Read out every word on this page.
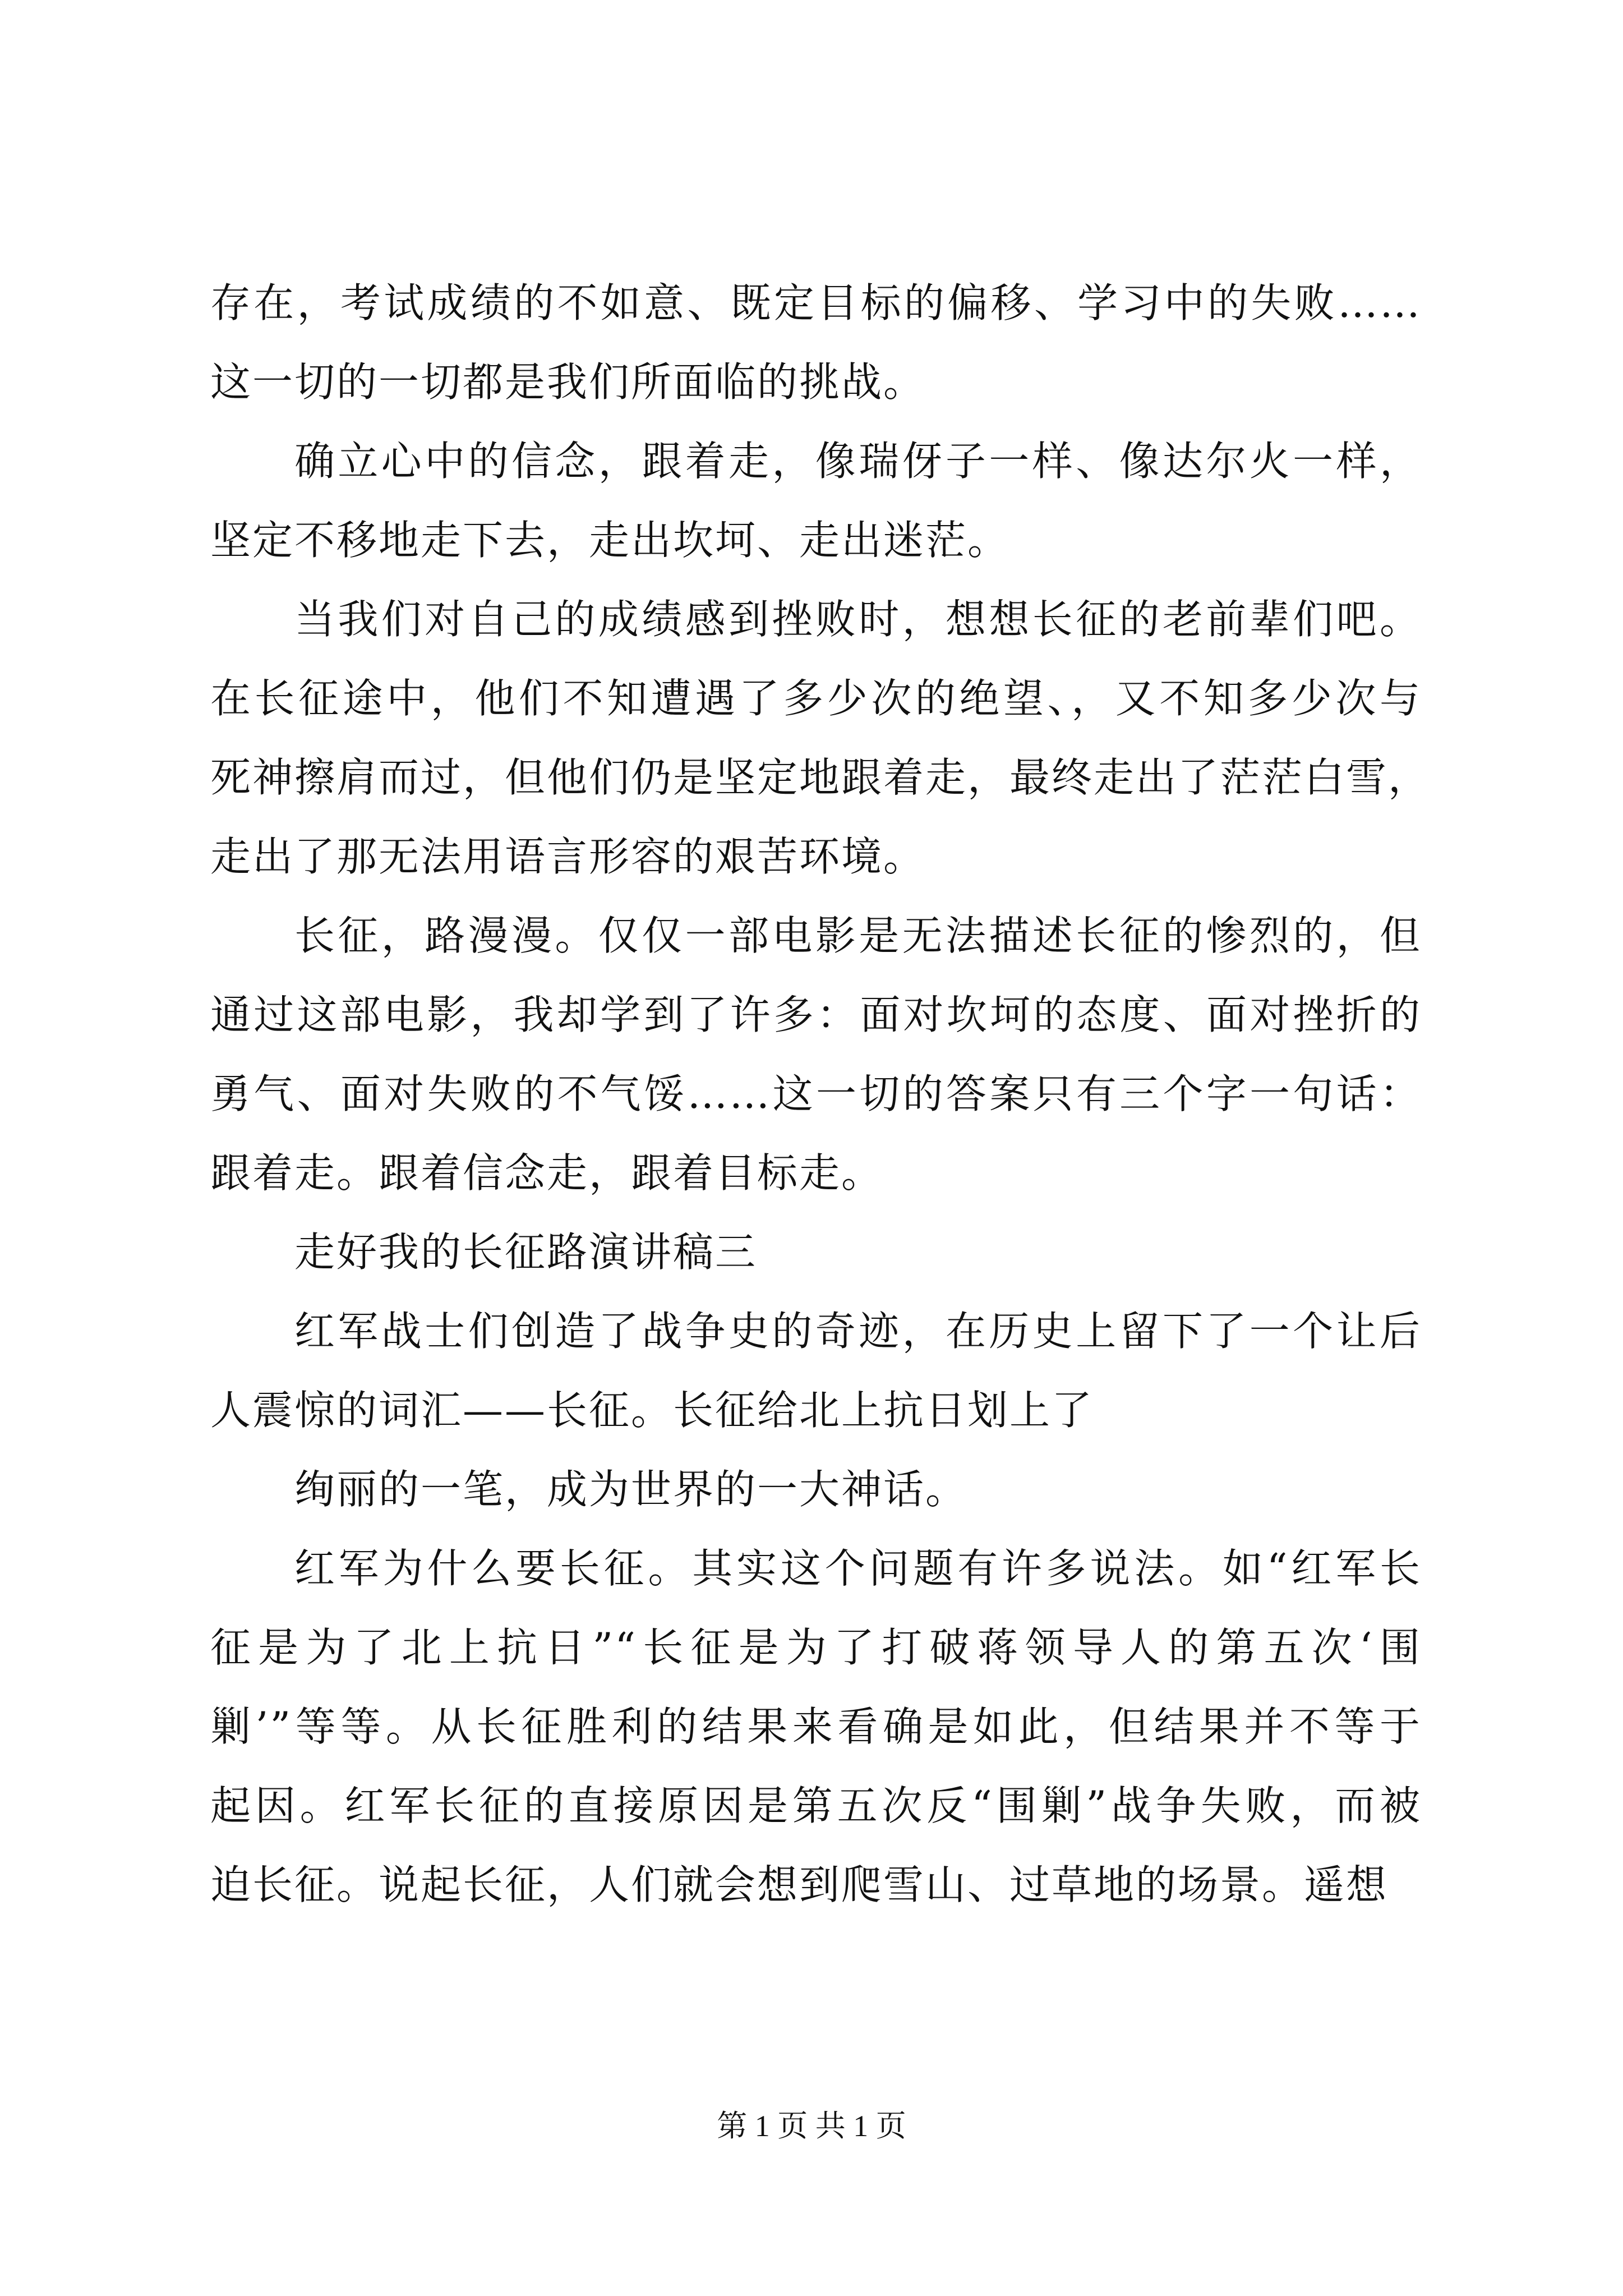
存在，考试成绩的不如意、既定目标的偏移、学习中的失败……
这一切的一切都是我们所面临的挑战。
确立心中的信念，跟着走，像瑞伢子一样、像达尔火一样，
坚定不移地走下去，走出坎坷、走出迷茫。
当我们对自己的成绩感到挫败时，想想长征的老前辈们吧。
在长征途中，他们不知遭遇了多少次的绝望、，又不知多少次与
死神擦肩而过，但他们仍是坚定地跟着走，最终走出了茫茫白雪，
走出了那无法用语言形容的艰苦环境。
长征，路漫漫。仅仅一部电影是无法描述长征的惨烈的，但
通过这部电影，我却学到了许多：面对坎坷的态度、面对挫折的
勇气、面对失败的不气馁……这一切的答案只有三个字一句话：
跟着走。跟着信念走，跟着目标走。
走好我的长征路演讲稿三
红军战士们创造了战争史的奇迹，在历史上留下了一个让后
人震惊的词汇——长征。长征给北上抗日划上了
绚丽的一笔，成为世界的一大神话。
红军为什么要长征。其实这个问题有许多说法。如“红军长
征是为了北上抗日”“长征是为了打破蒋领导人的第五次‘围
剿’”等等。从长征胜利的结果来看确是如此，但结果并不等于
起因。红军长征的直接原因是第五次反“围剿”战争失败，而被
迫长征。说起长征，人们就会想到爬雪山、过草地的场景。遥想
第 1 页 共 1 页
